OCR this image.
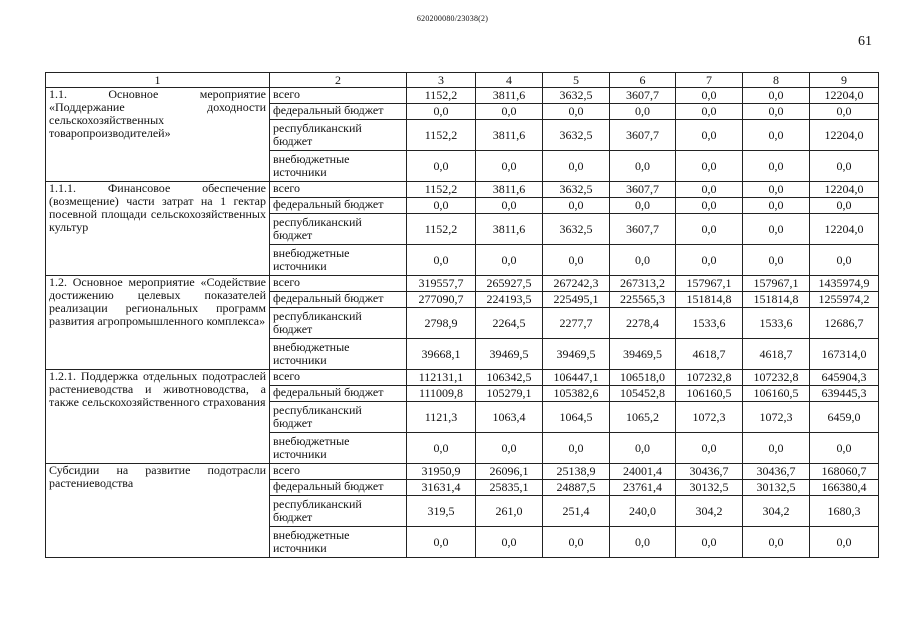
620200080/23038(2)
61
1	2	3	4	5	6	7	8	9
1.1. Основное мероприятие «Поддержание доходности сельскохозяйственных товаропроизводителей»	всего	1152,2	3811,6	3632,5	3607,7	0,0	0,0	12204,0
	федеральный бюджет	0,0	0,0	0,0	0,0	0,0	0,0	0,0
	республиканский бюджет	1152,2	3811,6	3632,5	3607,7	0,0	0,0	12204,0
	внебюджетные источники	0,0	0,0	0,0	0,0	0,0	0,0	0,0
1.1.1. Финансовое обеспечение (возмещение) части затрат на 1 гектар посевной площади сельскохозяйственных культур	всего	1152,2	3811,6	3632,5	3607,7	0,0	0,0	12204,0
	федеральный бюджет	0,0	0,0	0,0	0,0	0,0	0,0	0,0
	республиканский бюджет	1152,2	3811,6	3632,5	3607,7	0,0	0,0	12204,0
	внебюджетные источники	0,0	0,0	0,0	0,0	0,0	0,0	0,0
1.2. Основное мероприятие «Содействие достижению целевых показателей реализации региональных программ развития агропромышленного комплекса»	всего	319557,7	265927,5	267242,3	267313,2	157967,1	157967,1	1435974,9
	федеральный бюджет	277090,7	224193,5	225495,1	225565,3	151814,8	151814,8	1255974,2
	республиканский бюджет	2798,9	2264,5	2277,7	2278,4	1533,6	1533,6	12686,7
	внебюджетные источники	39668,1	39469,5	39469,5	39469,5	4618,7	4618,7	167314,0
1.2.1. Поддержка отдельных подотраслей растениеводства и животноводства, а также сельскохозяйственного страхования	всего	112131,1	106342,5	106447,1	106518,0	107232,8	107232,8	645904,3
	федеральный бюджет	111009,8	105279,1	105382,6	105452,8	106160,5	106160,5	639445,3
	республиканский бюджет	1121,3	1063,4	1064,5	1065,2	1072,3	1072,3	6459,0
	внебюджетные источники	0,0	0,0	0,0	0,0	0,0	0,0	0,0
Субсидии на развитие подотрасли растениеводства	всего	31950,9	26096,1	25138,9	24001,4	30436,7	30436,7	168060,7
	федеральный бюджет	31631,4	25835,1	24887,5	23761,4	30132,5	30132,5	166380,4
	республиканский бюджет	319,5	261,0	251,4	240,0	304,2	304,2	1680,3
	внебюджетные источники	0,0	0,0	0,0	0,0	0,0	0,0	0,0
